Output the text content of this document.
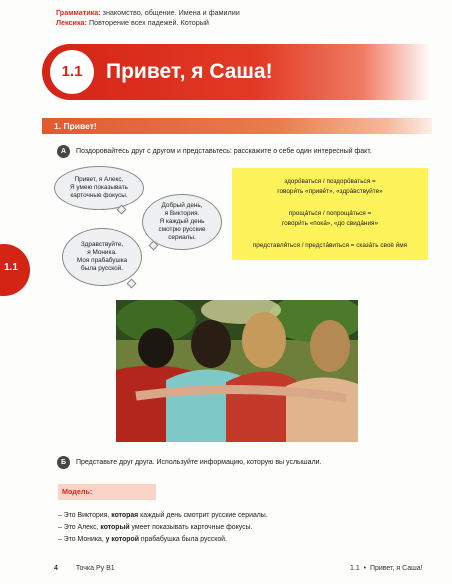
Грамматика: знакомство, общение. Имена и фамилии
Лексика: Повторение всех падежей. Который
1.1	Привет, я Саша!
1. Привет!
А	Поздоровайтесь друг с другом и представьтесь: расскажите о себе один интересный факт.
1.1
Привет, я Алекс.
Я умею показывать
карточные фокусы.
Добрый день,
я Виктория.
Я каждый день
смотрю русские
сериалы.
Здравствуйте,
я Моника.
Моя прабабушка
была русской.
здоро́ваться / поздоро́ваться =
говори́ть «приве́т», «здра́вствуйте»
проща́ться / попроща́ться =
говори́ть «пока́», «до свида́ния»
представля́ться / предста́виться = сказа́ть своё и́мя
Б	Представьте друг друга. Используйте информацию, которую вы услышали.
Модель:
– Это Виктория, которая каждый день смотрит русские сериалы.
– Это Алекс, который умеет показывать карточные фокусы.
– Это Моника, у которой прабабушка была русской.
4	Точка Ру B1	1.1  •  Привет, я Саша!
